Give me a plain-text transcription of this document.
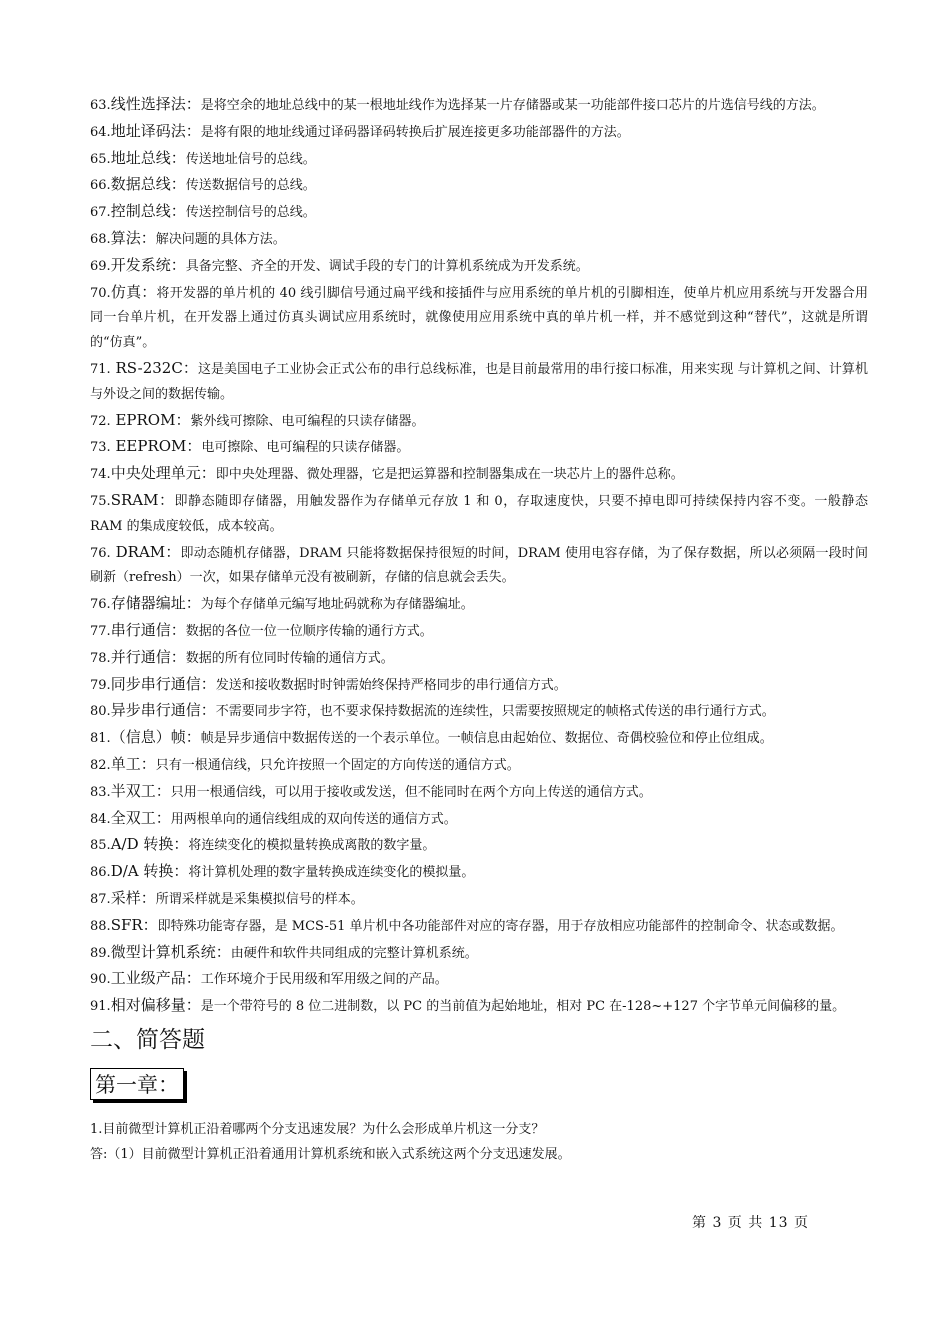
63.线性选择法：是将空余的地址总线中的某一根地址线作为选择某一片存储器或某一功能部件接口芯片的片选信号线的方法。

64.地址译码法：是将有限的地址线通过译码器译码转换后扩展连接更多功能部器件的方法。

65.地址总线：传送地址信号的总线。

66.数据总线：传送数据信号的总线。

67.控制总线：传送控制信号的总线。

68.算法：解决问题的具体方法。

69.开发系统：具备完整、齐全的开发、调试手段的专门的计算机系统成为开发系统。

70.仿真：将开发器的单片机的 40 线引脚信号通过扁平线和接插件与应用系统的单片机的引脚相连，使单片机应用系统与开发器合用同一台单片机，在开发器上通过仿真头调试应用系统时，就像使用应用系统中真的单片机一样，并不感觉到这种“替代”，这就是所谓的“仿真”。

71. RS-232C：这是美国电子工业协会正式公布的串行总线标准，也是目前最常用的串行接口标准，用来实现 与计算机之间、计算机与外设之间的数据传输。

72. EPROM：紫外线可擦除、电可编程的只读存储器。

73. EEPROM：电可擦除、电可编程的只读存储器。

74.中央处理单元：即中央处理器、微处理器，它是把运算器和控制器集成在一块芯片上的器件总称。

75.SRAM：即静态随即存储器，用触发器作为存储单元存放 1 和 0，存取速度快，只要不掉电即可持续保持内容不变。一般静态 RAM 的集成度较低，成本较高。

76. DRAM：即动态随机存储器，DRAM 只能将数据保持很短的时间，DRAM 使用电容存储，为了保存数据，所以必须隔一段时间刷新（refresh）一次，如果存储单元没有被刷新，存储的信息就会丢失。

76.存储器编址：为每个存储单元编写地址码就称为存储器编址。

77.串行通信：数据的各位一位一位顺序传输的通行方式。

78.并行通信：数据的所有位同时传输的通信方式。

79.同步串行通信：发送和接收数据时时钟需始终保持严格同步的串行通信方式。

80.异步串行通信：不需要同步字符，也不要求保持数据流的连续性，只需要按照规定的帧格式传送的串行通行方式。

81.（信息）帧：帧是异步通信中数据传送的一个表示单位。一帧信息由起始位、数据位、奇偶校验位和停止位组成。

82.单工：只有一根通信线，只允许按照一个固定的方向传送的通信方式。

83.半双工：只用一根通信线，可以用于接收或发送，但不能同时在两个方向上传送的通信方式。

84.全双工：用两根单向的通信线组成的双向传送的通信方式。

85.A/D 转换：将连续变化的模拟量转换成离散的数字量。

86.D/A 转换：将计算机处理的数字量转换成连续变化的模拟量。

87.采样：所谓采样就是采集模拟信号的样本。

88.SFR：即特殊功能寄存器，是 MCS-51 单片机中各功能部件对应的寄存器，用于存放相应功能部件的控制命令、状态或数据。

89.微型计算机系统：由硬件和软件共同组成的完整计算机系统。

90.工业级产品：工作环境介于民用级和军用级之间的产品。

91.相对偏移量：是一个带符号的 8 位二进制数，以 PC 的当前值为起始地址，相对 PC 在-128~+127 个字节单元间偏移的量。

二、简答题
第一章：

1.目前微型计算机正沿着哪两个分支迅速发展？为什么会形成单片机这一分支？

答:（1）目前微型计算机正沿着通用计算机系统和嵌入式系统这两个分支迅速发展。

第 3 页 共 13 页
